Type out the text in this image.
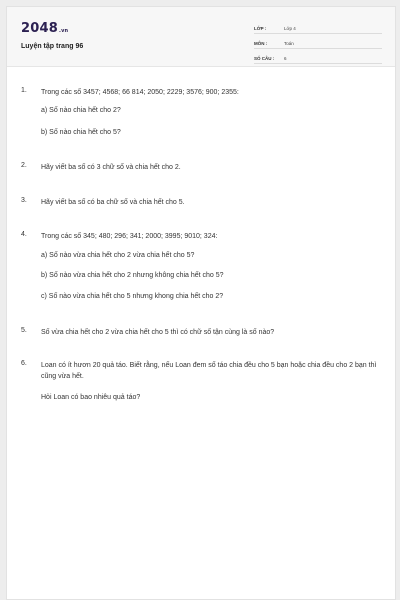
2048.vn
Luyện tập trang 96
LỚP :	Lớp 4
MÔN :	Toán
SỐ CÂU :	6
1. Trong các số 3457; 4568; 66 814; 2050; 2229; 3576; 900; 2355:
a) Số nào chia hết cho 2?
b) Số nào chia hết cho 5?
2. Hãy viết ba số có 3 chữ số và chia hết cho 2.
3. Hãy viết ba số có ba chữ số và chia hết cho 5.
4. Trong các số 345; 480; 296; 341; 2000; 3995; 9010; 324:
a) Số nào vừa chia hết cho 2 vừa chia hết cho 5?
b) Số nào vừa chia hết cho 2 nhưng không chia hết cho 5?
c) Số nào vừa chia hết cho 5 nhưng khong chia hết cho 2?
5. Số vừa chia hết cho 2 vừa chia hết cho 5 thì có chữ số tận cùng là số nào?
6. Loan có ít hươn 20 quả táo. Biết rằng, nếu Loan đem số táo chia đều cho 5 bạn hoặc chia đều cho 2 bạn thì cũng vừa hết.
Hỏi Loan có bao nhiêu quả táo?
